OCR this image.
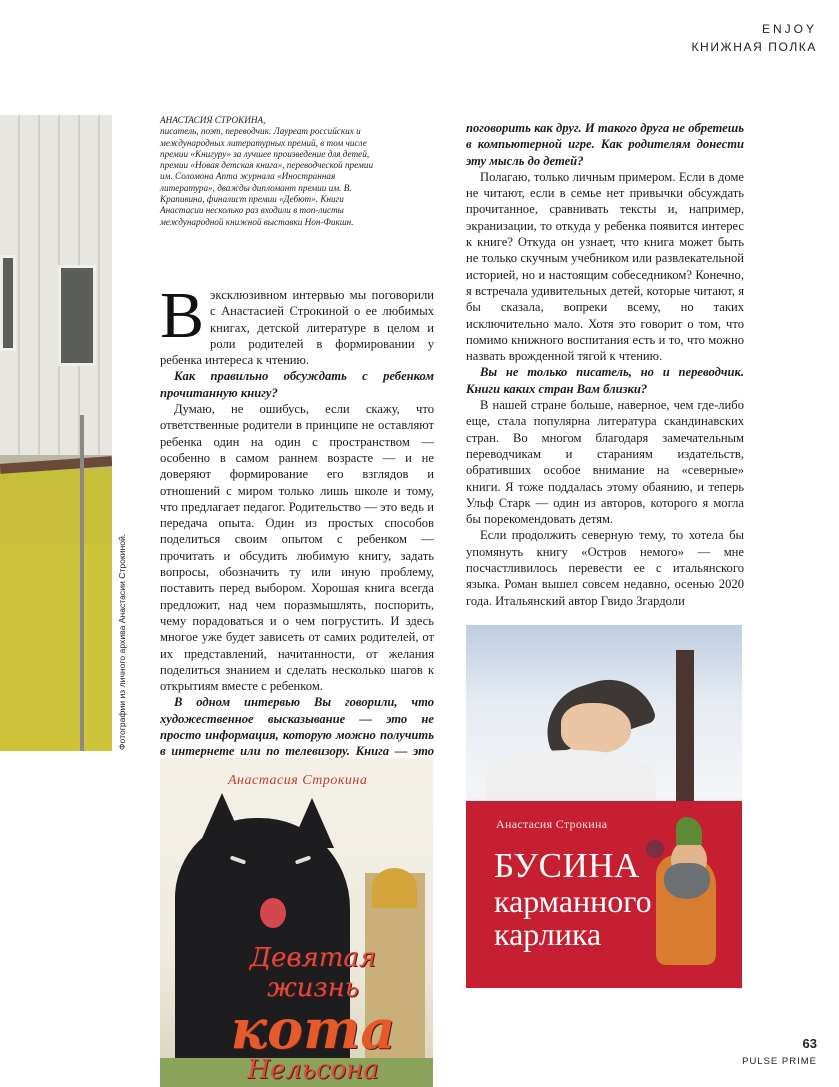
ENJOY
КНИЖНАЯ ПОЛКА
Фотографии из личного архива Анастасии Строкиной.
АНАСТАСИЯ СТРОКИНА,
писатель, поэт, переводчик. Лауреат российских и международных литературных премий, в том числе премии «Книгуру» за лучшее произведение для детей, премии «Новая детская книга», переводческой премии им. Соломона Апта журнала «Иностранная литература», дважды дипломант премии им. В. Крапивина, финалист премии «Дебют». Книги Анастасии несколько раз входили в топ-листы международной книжной выставки Нон-Фикшн.

В эксклюзивном интервью мы поговорили с Анастасией Строкиной о ее любимых книгах, детской литературе в целом и роли родителей в формировании у ребенка интереса к чтению.

Как правильно обсуждать с ребенком прочитанную книгу?

Думаю, не ошибусь, если скажу, что ответственные родители в принципе не оставляют ребенка один на один с пространством — особенно в самом раннем возрасте — и не доверяют формирование его взглядов и отношений с миром только лишь школе и тому, что предлагает педагог. Родительство — это ведь и передача опыта. Один из простых способов поделиться своим опытом с ребенком — прочитать и обсудить любимую книгу, задать вопросы, обозначить ту или иную проблему, поставить перед выбором. Хорошая книга всегда предложит, над чем поразмышлять, поспорить, чему порадоваться и о чем погрустить. И здесь многое уже будет зависеть от самих родителей, от их представлений, начитанности, от желания поделиться знанием и сделать несколько шагов к открытиям вместе с ребенком.

В одном интервью Вы говорили, что художественное высказывание — это не просто информация, которую можно получить в интернете или по телевизору. Книга — это

поговорить как друг. И такого друга не обретешь в компьютерной игре. Как родителям донести эту мысль до детей?

Полагаю, только личным примером. Если в доме не читают, если в семье нет привычки обсуждать прочитанное, сравнивать тексты и, например, экранизации, то откуда у ребенка появится интерес к книге? Откуда он узнает, что книга может быть не только скучным учебником или развлекательной историей, но и настоящим собеседником? Конечно, я встречала удивительных детей, которые читают, я бы сказала, вопреки всему, но таких исключительно мало. Хотя это говорит о том, что помимо книжного воспитания есть и то, что можно назвать врожденной тягой к чтению.

Вы не только писатель, но и переводчик. Книги каких стран Вам близки?

В нашей стране больше, наверное, чем где-либо еще, стала популярна литература скандинавских стран. Во многом благодаря замечательным переводчикам и стараниям издательств, обративших особое внимание на «северные» книги. Я тоже поддалась этому обаянию, и теперь Ульф Старк — один из авторов, которого я могла бы порекомендовать детям.

Если продолжить северную тему, то хотела бы упомянуть книгу «Остров немого» — мне посчастливилось перевести ее с итальянского языка. Роман вышел совсем недавно, осенью 2020 года. Итальянский автор Гвидо Згардоли

Анастасия Строкина
Девятая
жизнь
кота
Нельсона
Анастасия Строкина
БУСИНА
карманного
карлика
63
PULSE PRIME
